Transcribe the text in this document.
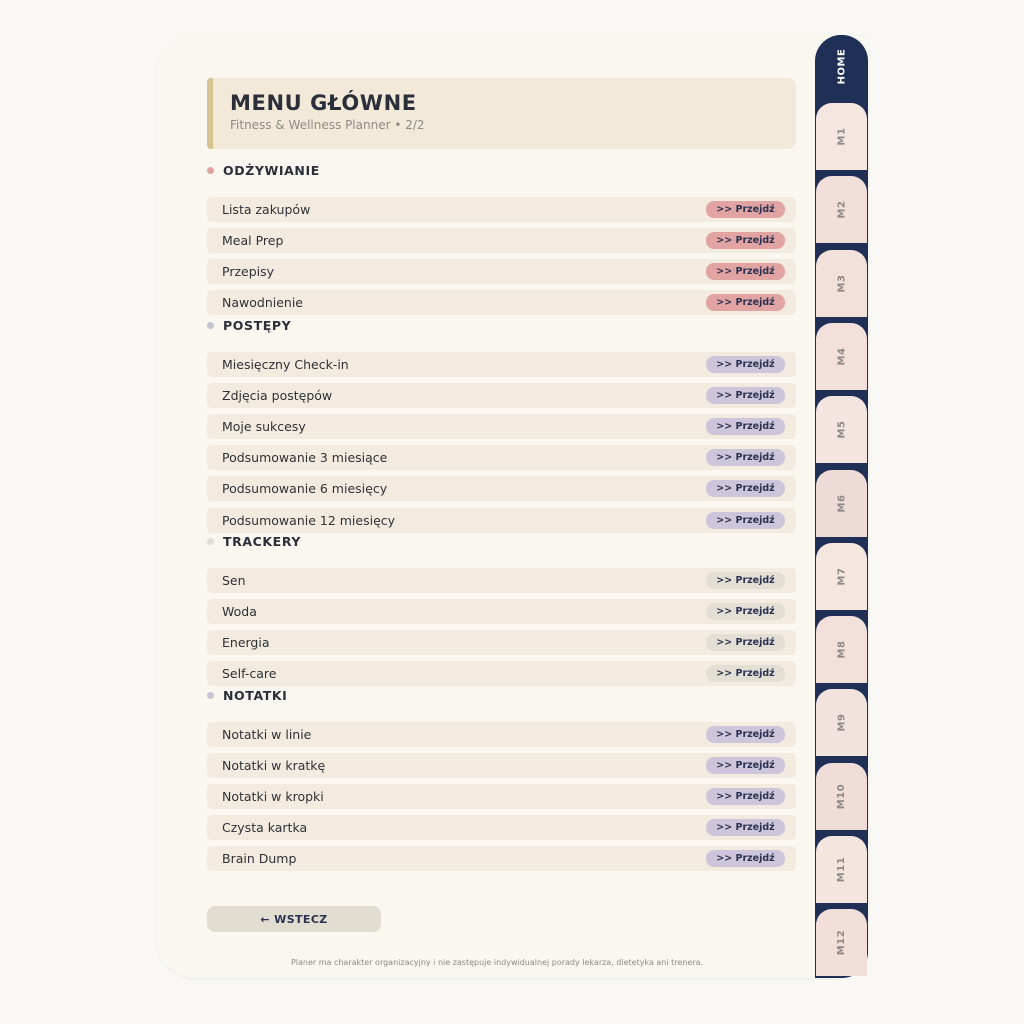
HOME
M1
M2
M3
M4
M5
M6
M7
M8
M9
M10
M11
M12
MENU GŁÓWNE
Fitness & Wellness Planner • 2/2
ODŻYWIANIE
Lista zakupów	>> Przejdź
Meal Prep	>> Przejdź
Przepisy	>> Przejdź
Nawodnienie	>> Przejdź
POSTĘPY
Miesięczny Check-in	>> Przejdź
Zdjęcia postępów	>> Przejdź
Moje sukcesy	>> Przejdź
Podsumowanie 3 miesiące	>> Przejdź
Podsumowanie 6 miesięcy	>> Przejdź
Podsumowanie 12 miesięcy	>> Przejdź
TRACKERY
Sen	>> Przejdź
Woda	>> Przejdź
Energia	>> Przejdź
Self-care	>> Przejdź
NOTATKI
Notatki w linie	>> Przejdź
Notatki w kratkę	>> Przejdź
Notatki w kropki	>> Przejdź
Czysta kartka	>> Przejdź
Brain Dump	>> Przejdź
← WSTECZ
Planer ma charakter organizacyjny i nie zastępuje indywidualnej porady lekarza, dietetyka ani trenera.
